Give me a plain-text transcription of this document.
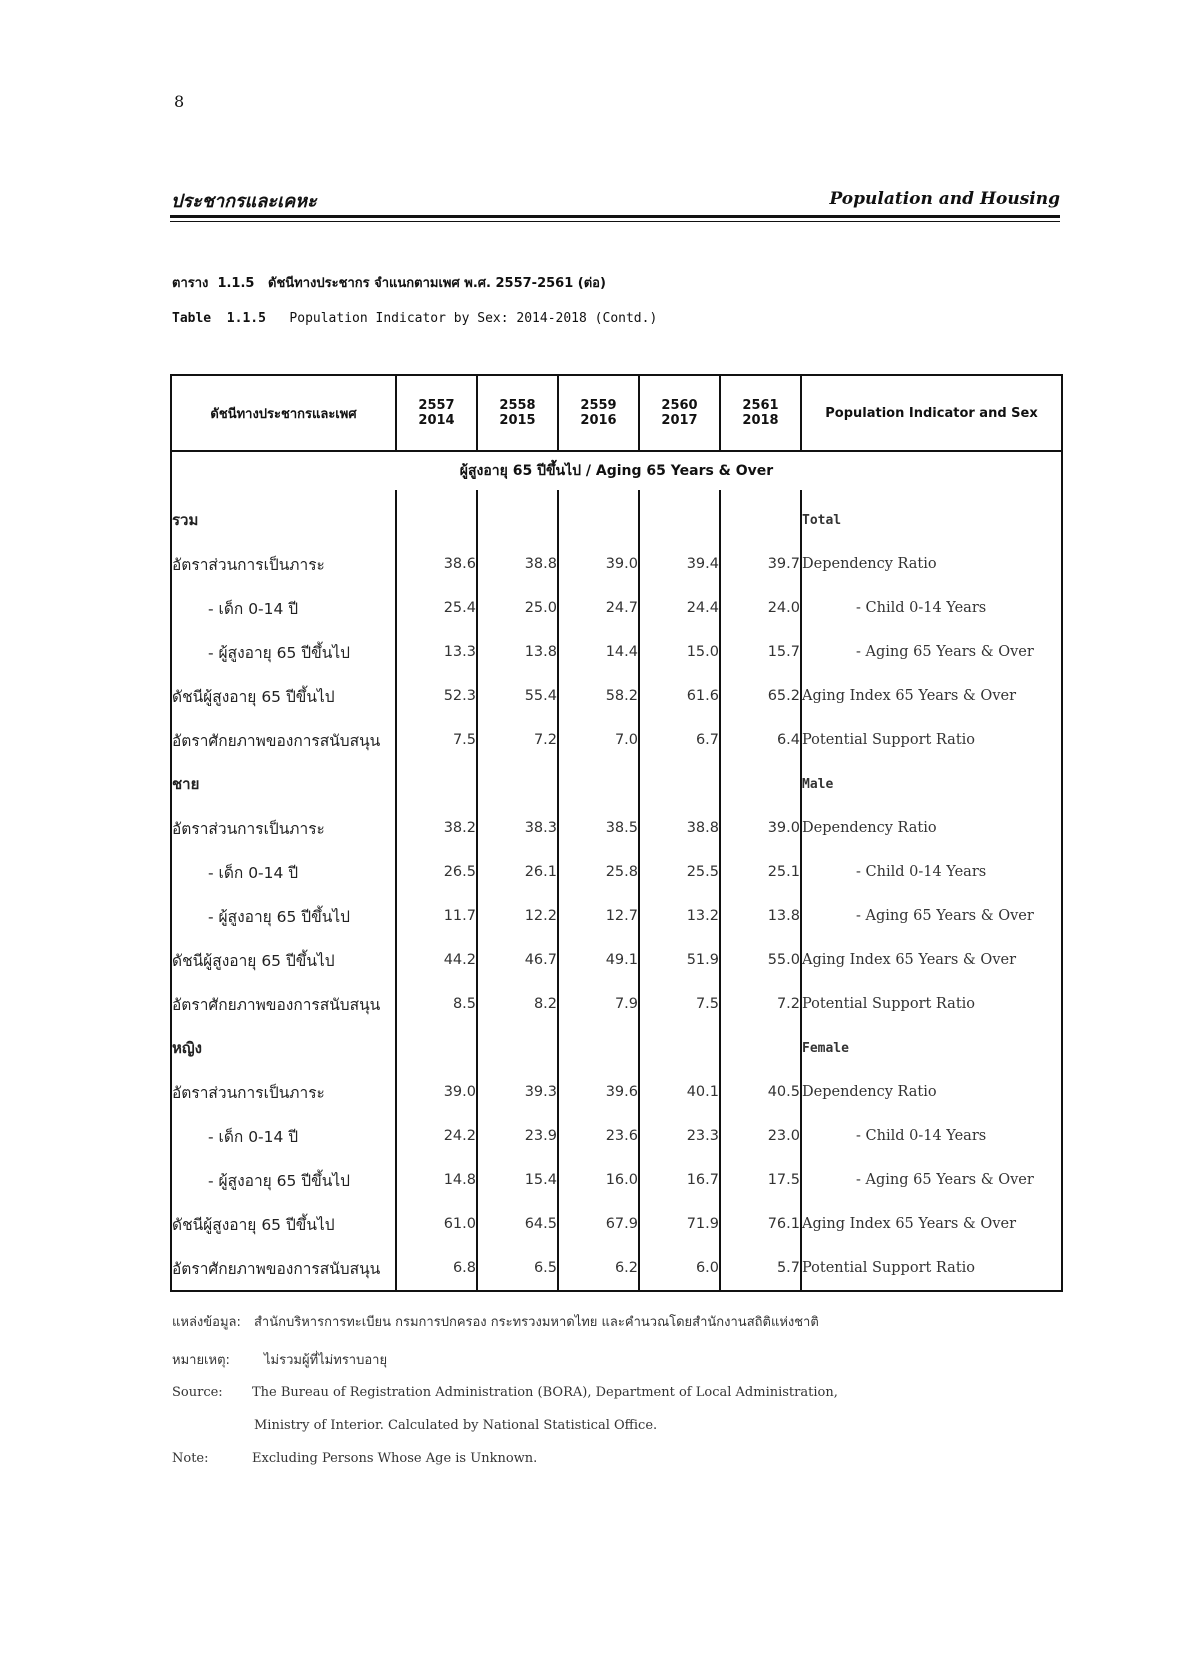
8
ประชากรและเคหะ	Population and Housing
ตาราง 1.1.5 ดัชนีทางประชากร จำแนกตามเพศ พ.ศ. 2557-2561 (ต่อ)
Table 1.1.5 Population Indicator by Sex: 2014-2018 (Contd.)
ดัชนีทางประชากรและเพศ	2557	2558	2559	2560	2561	Population Indicator and Sex
	2014	2015	2016	2017	2018	
ผู้สูงอายุ 65 ปีขึ้นไป / Aging 65 Years & Over						
รวม						Total
อัตราส่วนการเป็นภาระ	38.6	38.8	39.0	39.4	39.7	Dependency Ratio
- เด็ก 0-14 ปี	25.4	25.0	24.7	24.4	24.0	- Child 0-14 Years
- ผู้สูงอายุ 65 ปีขึ้นไป	13.3	13.8	14.4	15.0	15.7	- Aging 65 Years & Over
ดัชนีผู้สูงอายุ 65 ปีขึ้นไป	52.3	55.4	58.2	61.6	65.2	Aging Index 65 Years & Over
อัตราศักยภาพของการสนับสนุน	7.5	7.2	7.0	6.7	6.4	Potential Support Ratio
ชาย						Male
อัตราส่วนการเป็นภาระ	38.2	38.3	38.5	38.8	39.0	Dependency Ratio
- เด็ก 0-14 ปี	26.5	26.1	25.8	25.5	25.1	- Child 0-14 Years
- ผู้สูงอายุ 65 ปีขึ้นไป	11.7	12.2	12.7	13.2	13.8	- Aging 65 Years & Over
ดัชนีผู้สูงอายุ 65 ปีขึ้นไป	44.2	46.7	49.1	51.9	55.0	Aging Index 65 Years & Over
อัตราศักยภาพของการสนับสนุน	8.5	8.2	7.9	7.5	7.2	Potential Support Ratio
หญิง						Female
อัตราส่วนการเป็นภาระ	39.0	39.3	39.6	40.1	40.5	Dependency Ratio
- เด็ก 0-14 ปี	24.2	23.9	23.6	23.3	23.0	- Child 0-14 Years
- ผู้สูงอายุ 65 ปีขึ้นไป	14.8	15.4	16.0	16.7	17.5	- Aging 65 Years & Over
ดัชนีผู้สูงอายุ 65 ปีขึ้นไป	61.0	64.5	67.9	71.9	76.1	Aging Index 65 Years & Over
อัตราศักยภาพของการสนับสนุน	6.8	6.5	6.2	6.0	5.7	Potential Support Ratio
แหล่งข้อมูล: สำนักบริหารการทะเบียน กรมการปกครอง กระทรวงมหาดไทย และคำนวณโดยสำนักงานสถิติแห่งชาติ
หมายเหตุ:	ไม่รวมผู้ที่ไม่ทราบอายุ
Source: The Bureau of Registration Administration (BORA), Department of Local Administration,
Ministry of Interior. Calculated by National Statistical Office.
Note:	Excluding Persons Whose Age is Unknown.
